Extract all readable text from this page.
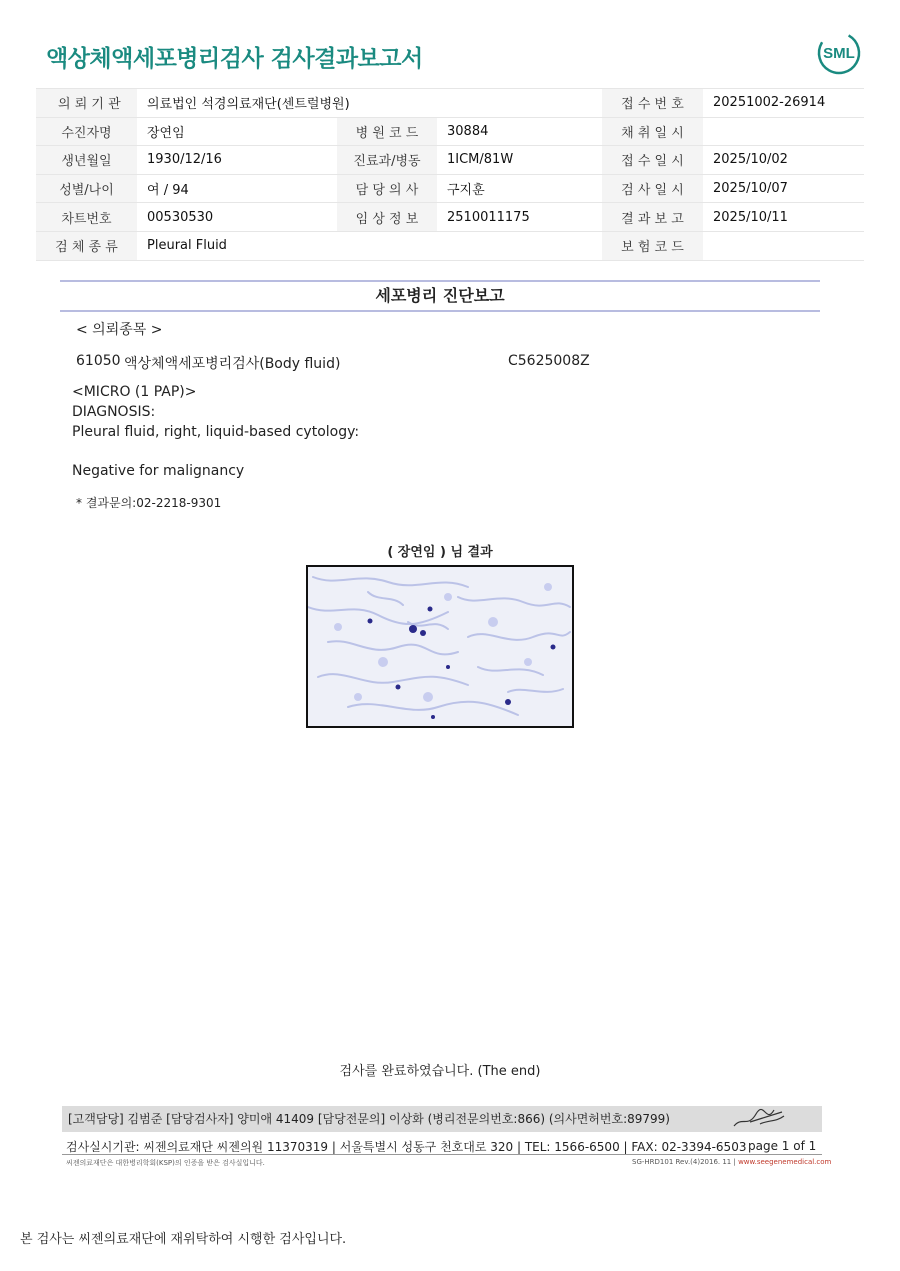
액상체액세포병리검사 검사결과보고서	SML
의 뢰 기 관	의료법인 석경의료재단(센트럴병원)			접 수 번 호	20251002-26914
수진자명	장연임	병 원 코 드	30884	채 취 일 시	
생년월일	1930/12/16	진료과/병동	1ICM/81W	접 수 일 시	2025/10/02
성별/나이	여 / 94	담 당 의 사	구지훈	검 사 일 시	2025/10/07
차트번호	00530530	임 상 정 보	2510011175	결 과 보 고	2025/10/11
검 체 종 류	Pleural Fluid			보 험 코 드	
세포병리 진단보고
< 의뢰종목 >
61050 액상체액세포병리검사(Body fluid)	C5625008Z
<MICRO (1 PAP)>
DIAGNOSIS:
Pleural fluid, right, liquid-based cytology:
Negative for malignancy
* 결과문의:02-2218-9301
( 장연임 ) 님 결과
검사를 완료하였습니다. (The end)
[고객담당] 김범준 [담당검사자] 양미애 41409 [담당전문의] 이상화 (병리전문의번호:866) (의사면허번호:89799)
검사실시기관: 씨젠의료재단 씨젠의원 11370319 | 서울특별시 성동구 천호대로 320 | TEL: 1566-6500 | FAX: 02-3394-6503 page 1 of 1
씨젠의료재단은 대한병리학회(KSP)의 인증을 받은 검사실입니다.	SG-HRD101 Rev.(4)2016. 11 | www.seegenemedical.com
본 검사는 씨젠의료재단에 재위탁하여 시행한 검사입니다.
